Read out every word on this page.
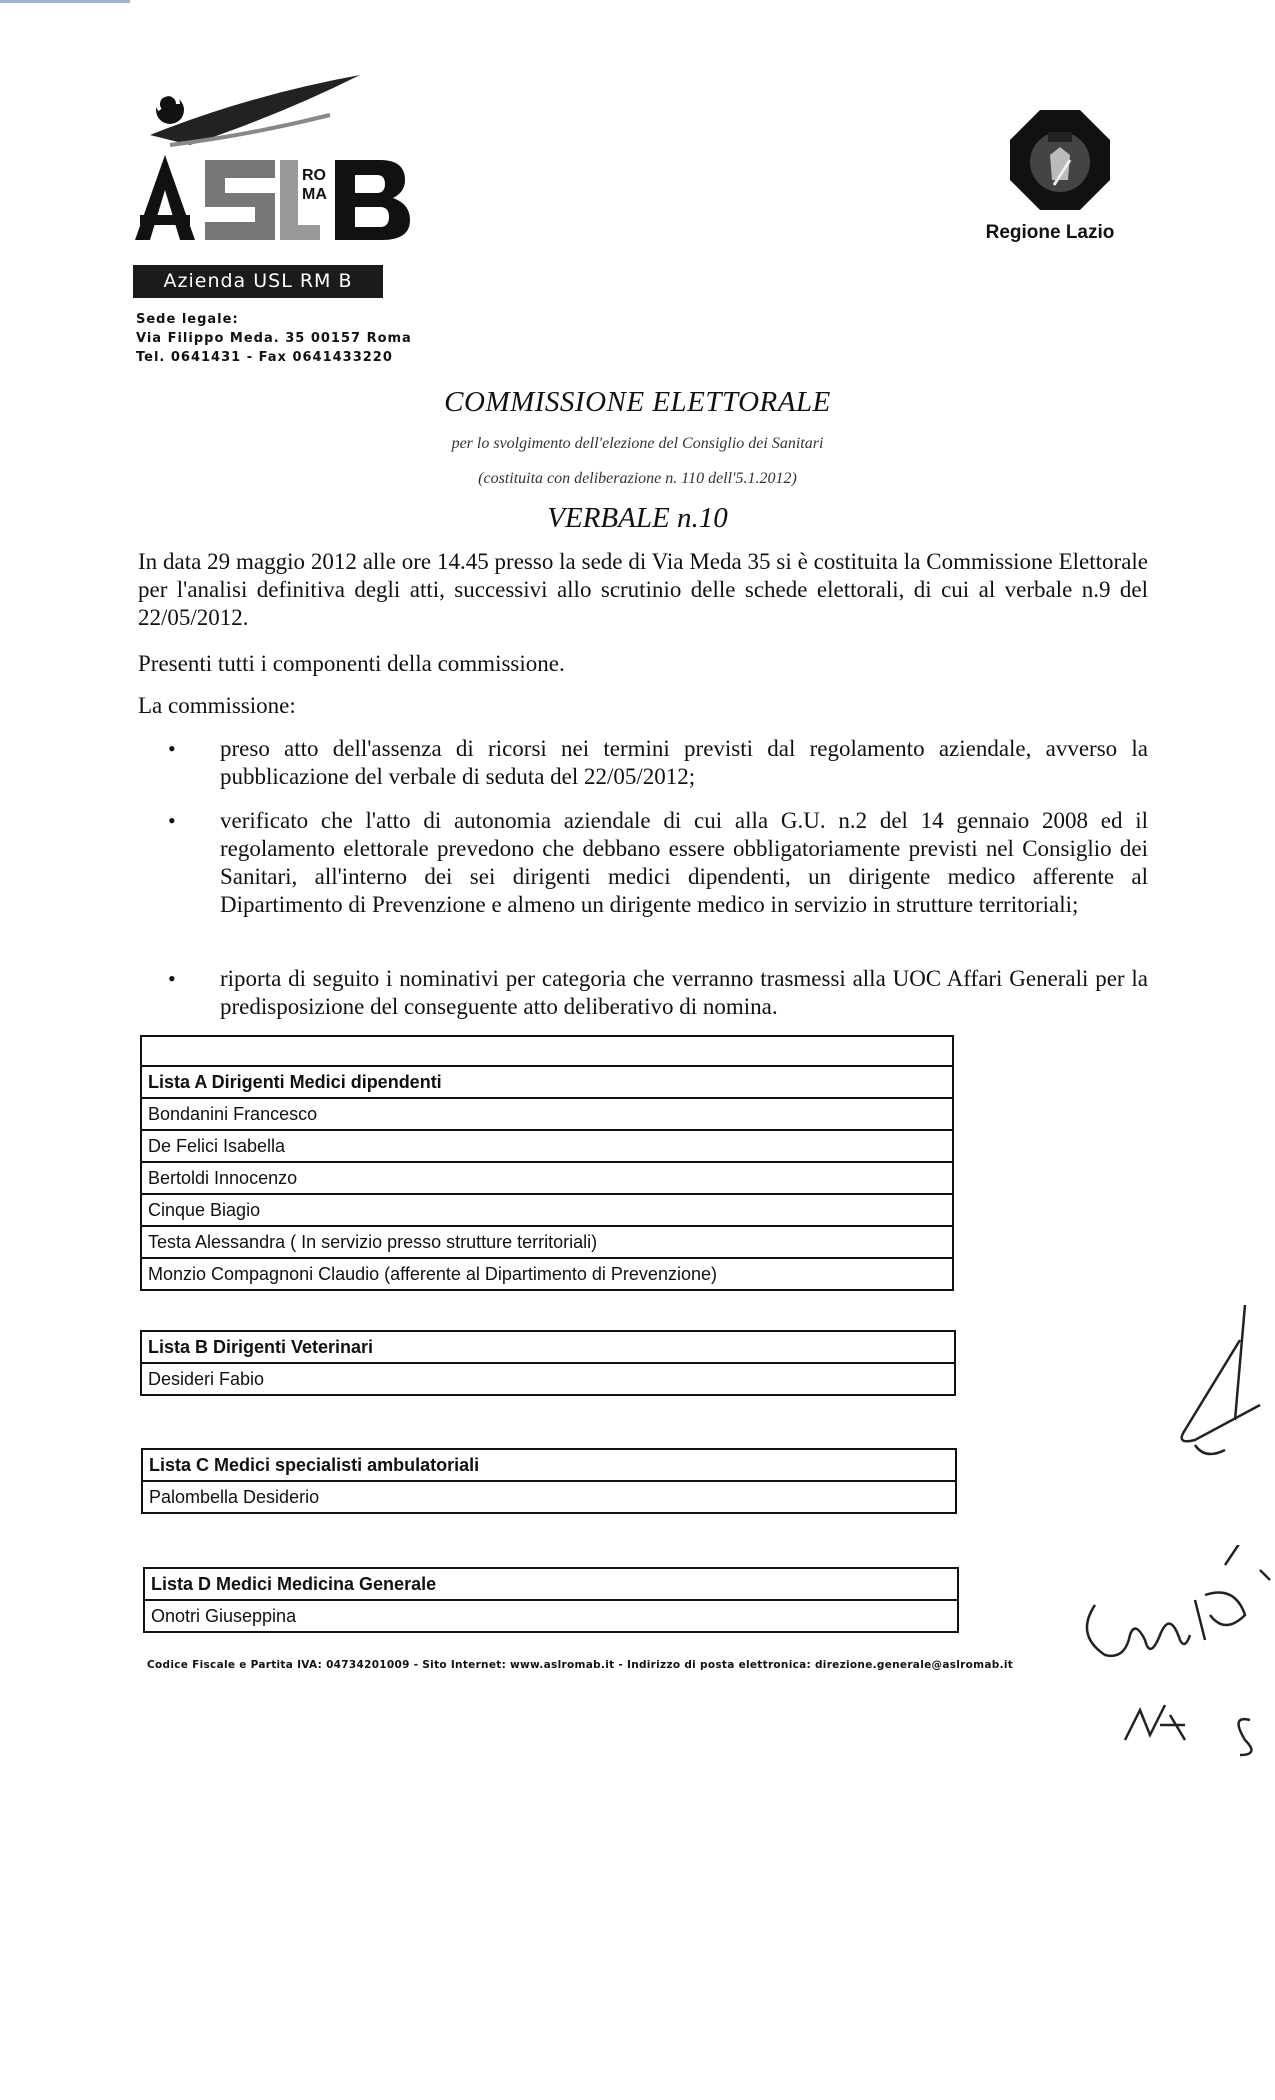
RO
MA
Azienda USL RM B
Sede legale:
Via Filippo Meda. 35 00157 Roma
Tel. 0641431 - Fax 0641433220
Regione Lazio
COMMISSIONE ELETTORALE
per lo svolgimento dell'elezione del Consiglio dei Sanitari
(costituita con deliberazione n. 110 dell'5.1.2012)
VERBALE n.10
In data 29 maggio 2012 alle ore 14.45 presso la sede di Via Meda 35 si è costituita la Commissione Elettorale per l'analisi definitiva degli atti, successivi allo scrutinio delle schede elettorali, di cui al verbale n.9 del 22/05/2012.
Presenti tutti i componenti della commissione.
La commissione:
• preso atto dell'assenza di ricorsi nei termini previsti dal regolamento aziendale, avverso la pubblicazione del verbale di seduta del 22/05/2012;
• verificato che l'atto di autonomia aziendale di cui alla G.U. n.2 del 14 gennaio 2008 ed il regolamento elettorale prevedono che debbano essere obbligatoriamente previsti nel Consiglio dei Sanitari, all'interno dei sei dirigenti medici dipendenti, un dirigente medico afferente al Dipartimento di Prevenzione e almeno un dirigente medico in servizio in strutture territoriali;
• riporta di seguito i nominativi per categoria che verranno trasmessi alla UOC Affari Generali per la predisposizione del conseguente atto deliberativo di nomina.
Lista A Dirigenti Medici dipendenti
Bondanini Francesco
De Felici Isabella
Bertoldi Innocenzo
Cinque Biagio
Testa Alessandra ( In servizio presso strutture territoriali)
Monzio Compagnoni Claudio (afferente al Dipartimento di Prevenzione)
Lista B Dirigenti Veterinari
Desideri Fabio
Lista C Medici specialisti ambulatoriali
Palombella Desiderio
Lista D Medici Medicina Generale
Onotri Giuseppina
Codice Fiscale e Partita IVA: 04734201009 - Sito Internet: www.aslromab.it - Indirizzo di posta elettronica: direzione.generale@aslromab.it
